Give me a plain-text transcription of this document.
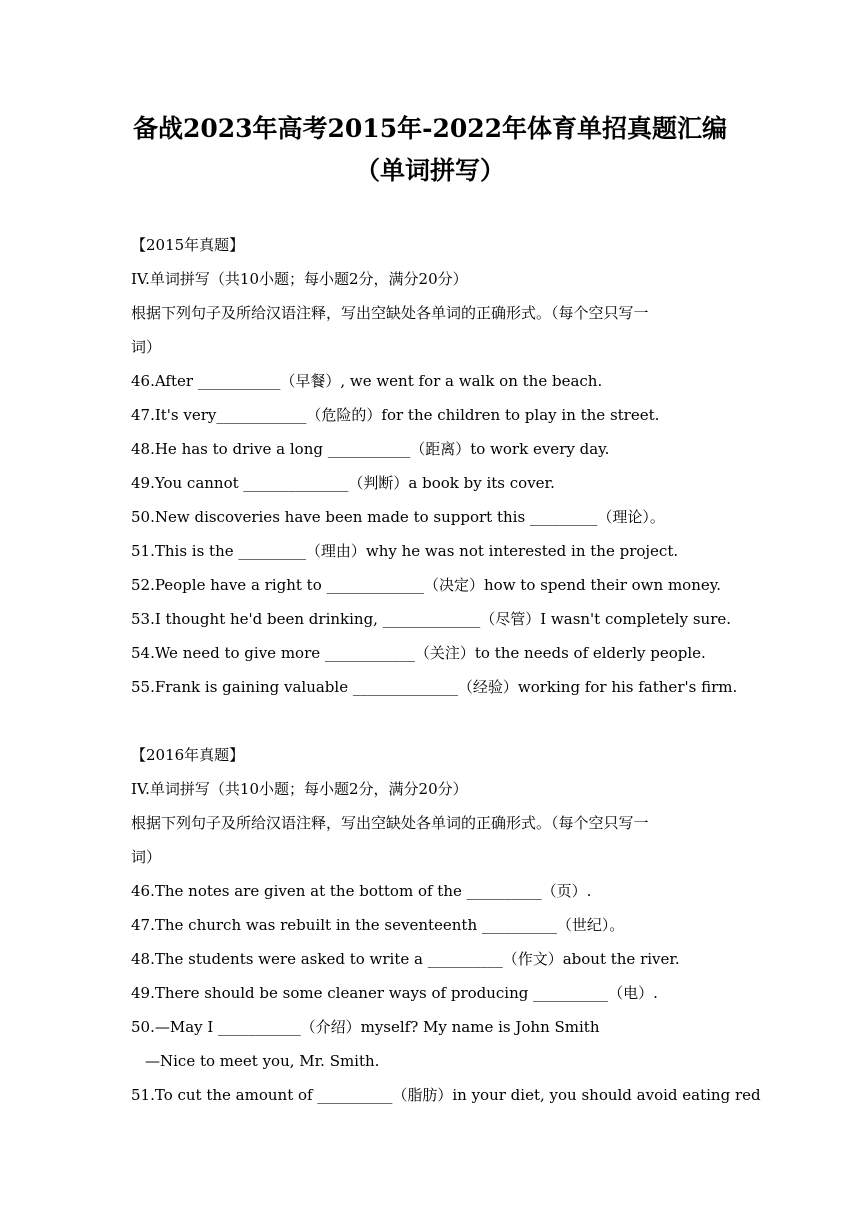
备战2023年高考2015年-2022年体育单招真题汇编
（单词拼写）
【2015年真题】
IV.单词拼写（共10小题；每小题2分，满分20分）
根据下列句子及所给汉语注释，写出空缺处各单词的正确形式。（每个空只写一
词）
46.After ___________（早餐）, we went for a walk on the beach.
47.It's very____________（危险的）for the children to play in the street.
48.He has to drive a long ___________（距离）to work every day.
49.You cannot ______________（判断）a book by its cover.
50.New discoveries have been made to support this _________（理论）。
51.This is the _________（理由）why he was not interested in the project.
52.People have a right to _____________（决定）how to spend their own money.
53.I thought he'd been drinking, _____________（尽管）I wasn't completely sure.
54.We need to give more ____________（关注）to the needs of elderly people.
55.Frank is gaining valuable ______________（经验）working for his father's firm.
【2016年真题】
IV.单词拼写（共10小题；每小题2分，满分20分）
根据下列句子及所给汉语注释，写出空缺处各单词的正确形式。（每个空只写一
词）
46.The notes are given at the bottom of the __________（页）.
47.The church was rebuilt in the seventeenth __________（世纪）。
48.The students were asked to write a __________（作文）about the river.
49.There should be some cleaner ways of producing __________（电）.
50.—May I ___________（介绍）myself? My name is John Smith
—Nice to meet you, Mr. Smith.
51.To cut the amount of __________（脂肪）in your diet, you should avoid eating red
